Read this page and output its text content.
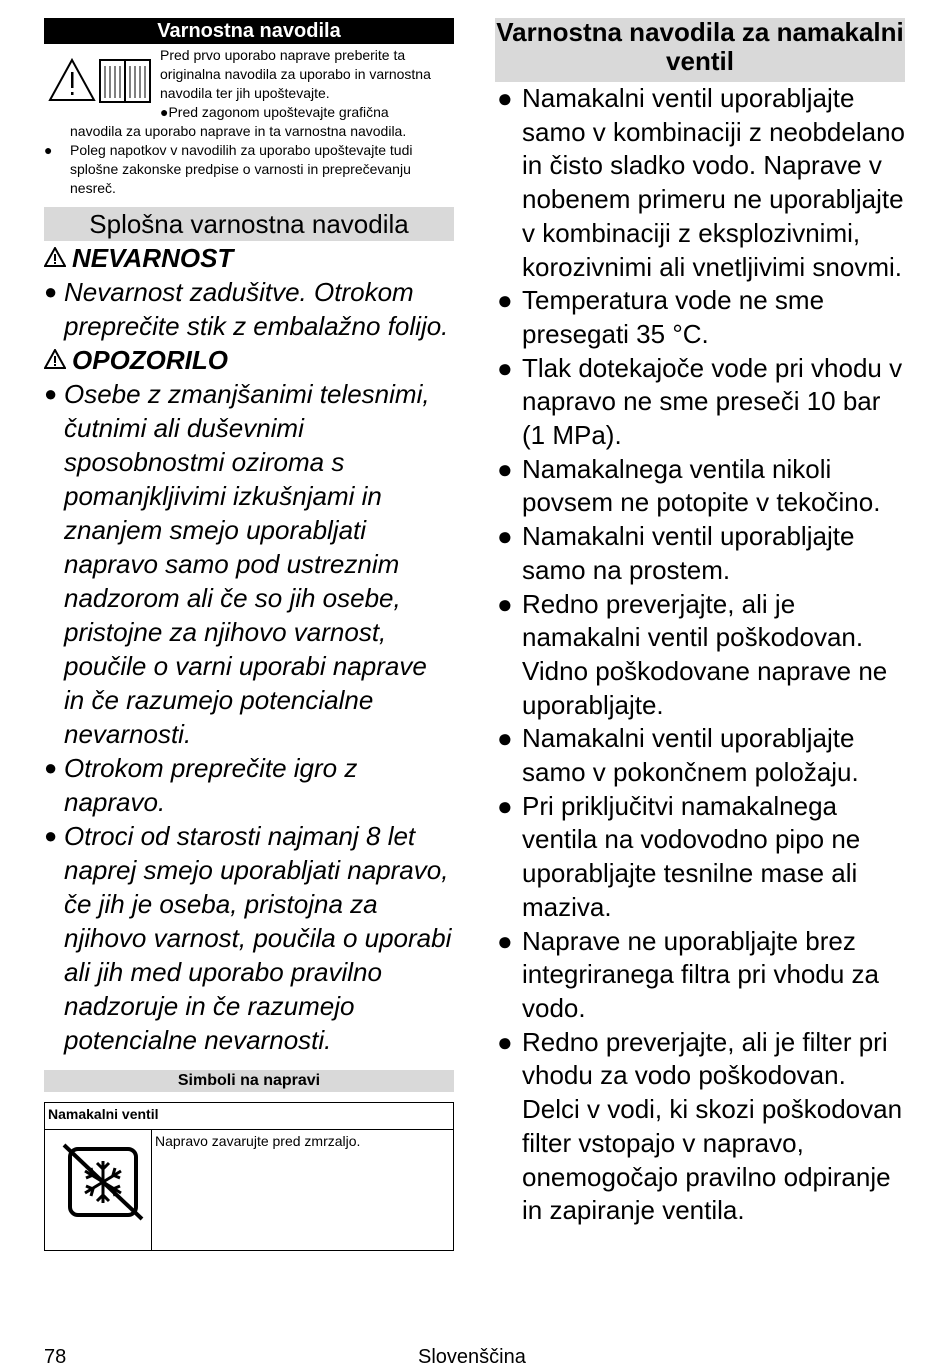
Varnostna navodila
Pred prvo uporabo naprave preberite ta originalna navodila za uporabo in varnostna navodila ter jih upoštevajte.
●Pred zagonom upoštevajte grafična
navodila za uporabo naprave in ta varnostna navodila.
● Poleg napotkov v navodilih za uporabo upoštevajte tudi splošne zakonske predpise o varnosti in preprečevanju nesreč.
Splošna varnostna navodila
NEVARNOST
● Nevarnost zadušitve. Otrokom preprečite stik z embalažno folijo.
OPOZORILO
● Osebe z zmanjšanimi telesnimi, čutnimi ali duševnimi sposobnostmi oziroma s pomanjkljivimi izkušnjami in znanjem smejo uporabljati napravo samo pod ustreznim nadzorom ali če so jih osebe, pristojne za njihovo varnost, poučile o varni uporabi naprave in če razumejo potencialne nevarnosti.
● Otrokom preprečite igro z napravo.
● Otroci od starosti najmanj 8 let naprej smejo uporabljati napravo, če jih je oseba, pristojna za njihovo varnost, poučila o uporabi ali jih med uporabo pravilno nadzoruje in če razumejo potencialne nevarnosti.
Simboli na napravi
Namakalni ventil
	Napravo zavarujte pred zmrzaljo.
Varnostna navodila za namakalni ventil
● Namakalni ventil uporabljajte samo v kombinaciji z neobdelano in čisto sladko vodo. Naprave v nobenem primeru ne uporabljajte v kombinaciji z eksplozivnimi, korozivnimi ali vnetljivimi snovmi.
● Temperatura vode ne sme presegati 35 °C.
● Tlak dotekajoče vode pri vhodu v napravo ne sme preseči 10 bar (1 MPa).
● Namakalnega ventila nikoli povsem ne potopite v tekočino.
● Namakalni ventil uporabljajte samo na prostem.
● Redno preverjajte, ali je namakalni ventil poškodovan. Vidno poškodovane naprave ne uporabljajte.
● Namakalni ventil uporabljajte samo v pokončnem položaju.
● Pri priključitvi namakalnega ventila na vodovodno pipo ne uporabljajte tesnilne mase ali maziva.
● Naprave ne uporabljajte brez integriranega filtra pri vhodu za vodo.
● Redno preverjajte, ali je filter pri vhodu za vodo poškodovan. Delci v vodi, ki skozi poškodovan filter vstopajo v napravo, onemogočajo pravilno odpiranje in zapiranje ventila.
78	Slovenščina
